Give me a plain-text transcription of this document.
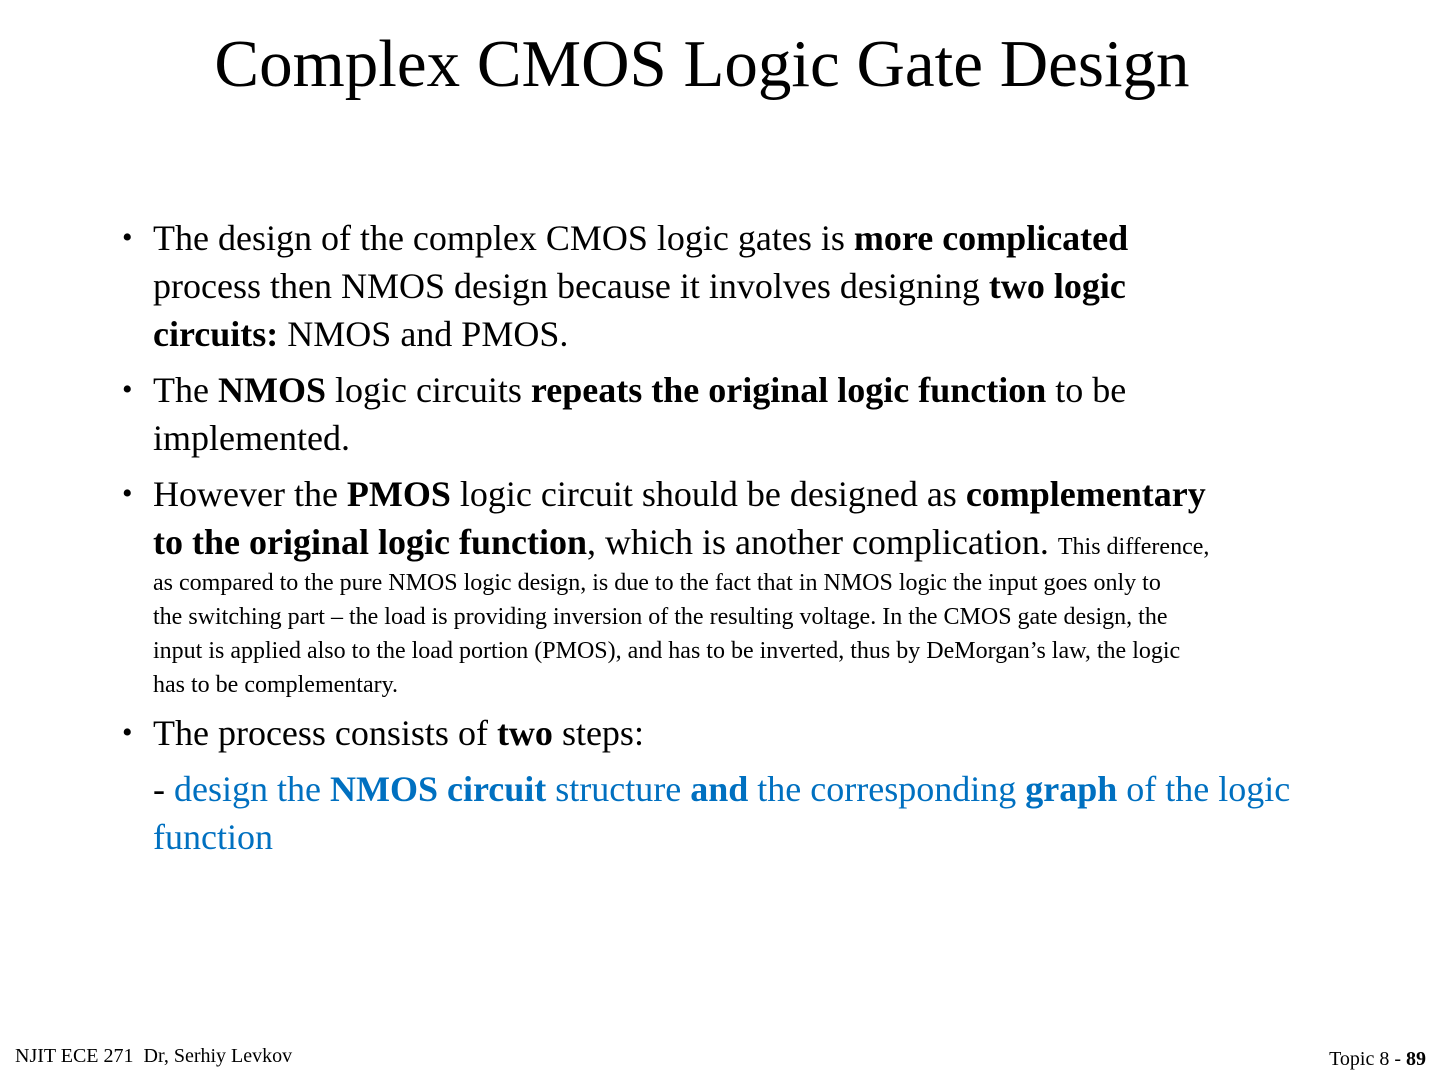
Complex CMOS Logic Gate Design
• The design of the complex CMOS logic gates is more complicated
process then NMOS design because it involves designing two logic circuits: NMOS and PMOS.
• The NMOS logic circuits repeats the original logic function to be implemented.
• However the PMOS logic circuit should be designed as complementary
to the original logic function, which is another complication. This difference,
as compared to the pure NMOS logic design, is due to the fact that in NMOS logic the input goes only to
the switching part – the load is providing inversion of the resulting voltage. In the CMOS gate design, the
input is applied also to the load portion (PMOS), and has to be inverted, thus by DeMorgan’s law, the logic
has to be complementary.
• The process consists of two steps:
- design the NMOS circuit structure and the corresponding graph of the logic function
NJIT ECE 271  Dr, Serhiy Levkov	Topic 8 - 89
